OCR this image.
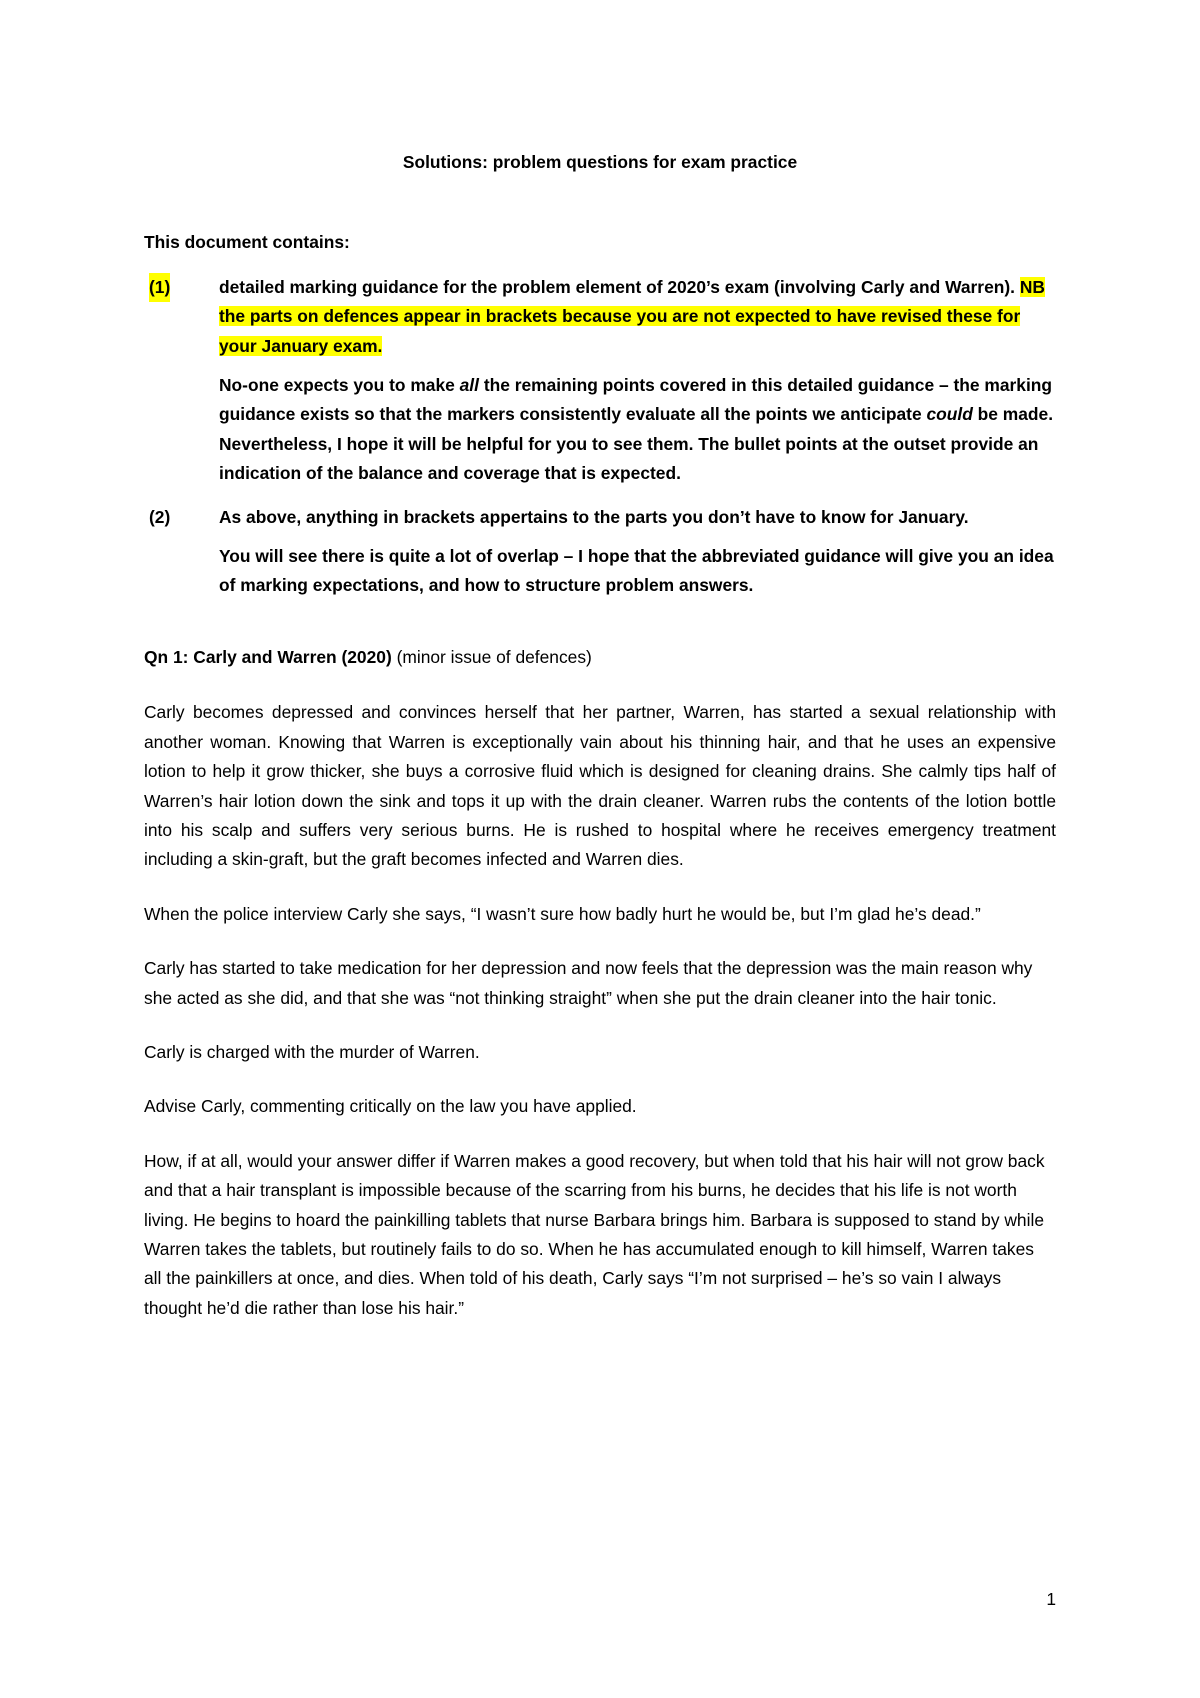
Solutions: problem questions for exam practice

This document contains:

(1)	detailed marking guidance for the problem element of 2020’s exam (involving Carly and Warren). NB the parts on defences appear in brackets because you are not expected to have revised these for your January exam.

No-one expects you to make all the remaining points covered in this detailed guidance – the marking guidance exists so that the markers consistently evaluate all the points we anticipate could be made. Nevertheless, I hope it will be helpful for you to see them. The bullet points at the outset provide an indication of the balance and coverage that is expected.

(2)	As above, anything in brackets appertains to the parts you don’t have to know for January.

You will see there is quite a lot of overlap – I hope that the abbreviated guidance will give you an idea of marking expectations, and how to structure problem answers.

Qn 1: Carly and Warren (2020) (minor issue of defences)

Carly becomes depressed and convinces herself that her partner, Warren, has started a sexual relationship with another woman. Knowing that Warren is exceptionally vain about his thinning hair, and that he uses an expensive lotion to help it grow thicker, she buys a corrosive fluid which is designed for cleaning drains. She calmly tips half of Warren’s hair lotion down the sink and tops it up with the drain cleaner. Warren rubs the contents of the lotion bottle into his scalp and suffers very serious burns. He is rushed to hospital where he receives emergency treatment including a skin-graft, but the graft becomes infected and Warren dies.

When the police interview Carly she says, “I wasn’t sure how badly hurt he would be, but I’m glad he’s dead.”

Carly has started to take medication for her depression and now feels that the depression was the main reason why she acted as she did, and that she was “not thinking straight” when she put the drain cleaner into the hair tonic.

Carly is charged with the murder of Warren.

Advise Carly, commenting critically on the law you have applied.

How, if at all, would your answer differ if Warren makes a good recovery, but when told that his hair will not grow back and that a hair transplant is impossible because of the scarring from his burns, he decides that his life is not worth living. He begins to hoard the painkilling tablets that nurse Barbara brings him. Barbara is supposed to stand by while Warren takes the tablets, but routinely fails to do so. When he has accumulated enough to kill himself, Warren takes all the painkillers at once, and dies. When told of his death, Carly says “I’m not surprised – he’s so vain I always thought he’d die rather than lose his hair.”

1
